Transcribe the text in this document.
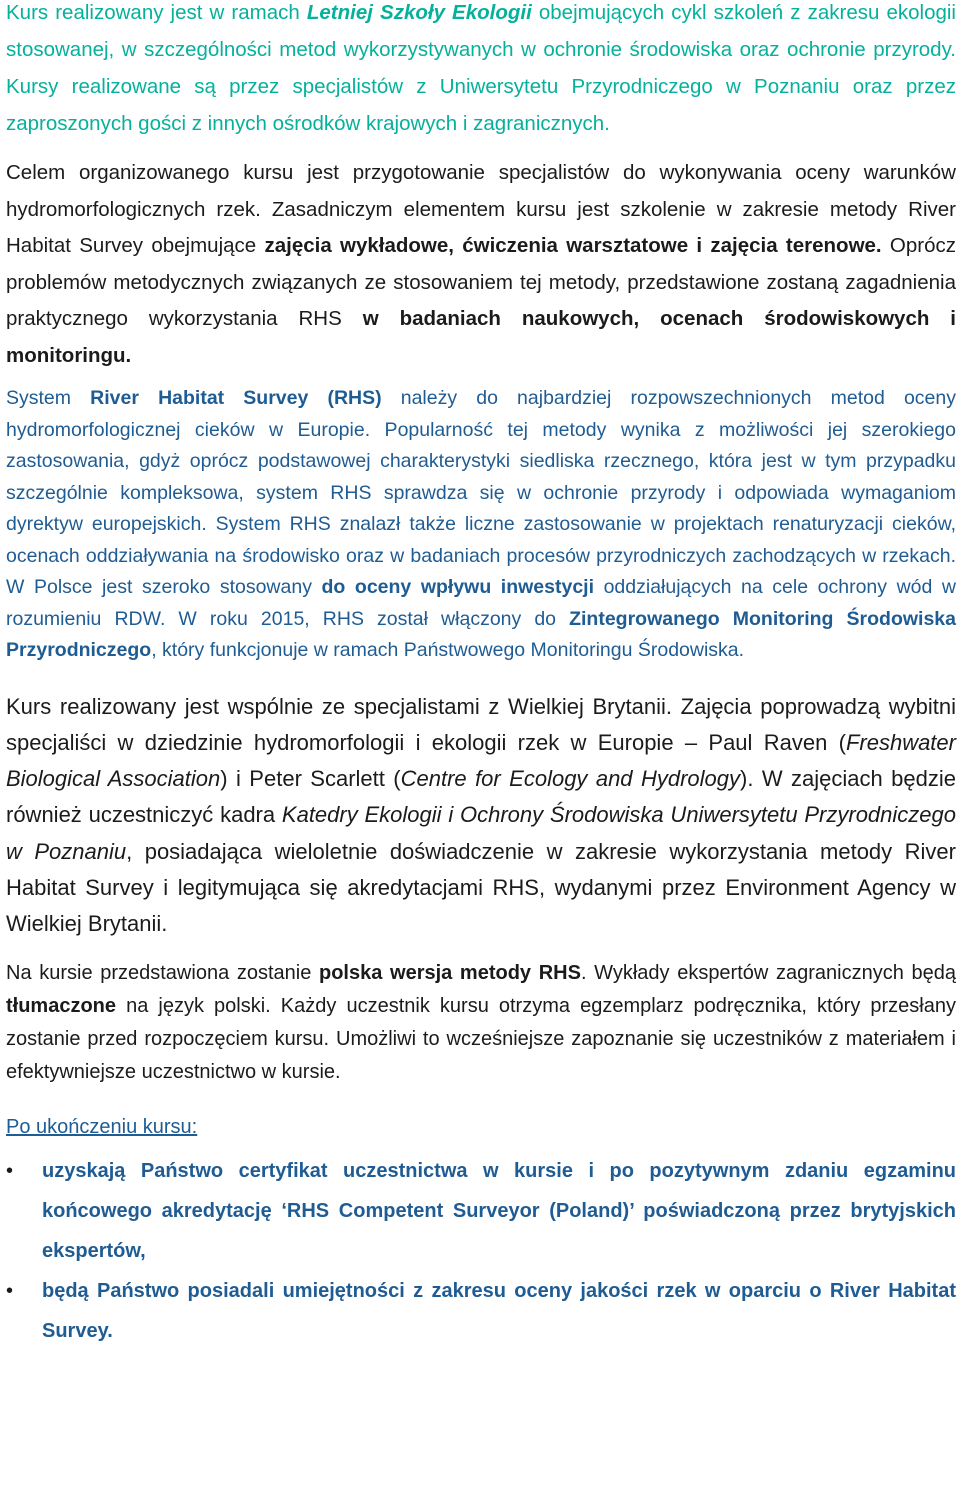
Kurs realizowany jest w ramach Letniej Szkoły Ekologii obejmujących cykl szkoleń z zakresu ekologii stosowanej, w szczególności metod wykorzystywanych w ochronie środowiska oraz ochronie przyrody. Kursy realizowane są przez specjalistów z Uniwersytetu Przyrodniczego w Poznaniu oraz przez zaproszonych gości z innych ośrodków krajowych i zagranicznych.

Celem organizowanego kursu jest przygotowanie specjalistów do wykonywania oceny warunków hydromorfologicznych rzek. Zasadniczym elementem kursu jest szkolenie w zakresie metody River Habitat Survey obejmujące zajęcia wykładowe, ćwiczenia warsztatowe i zajęcia terenowe. Oprócz problemów metodycznych związanych ze stosowaniem tej metody, przedstawione zostaną zagadnienia praktycznego wykorzystania RHS w badaniach naukowych, ocenach środowiskowych i monitoringu.

System River Habitat Survey (RHS) należy do najbardziej rozpowszechnionych metod oceny hydromorfologicznej cieków w Europie. Popularność tej metody wynika z możliwości jej szerokiego zastosowania, gdyż oprócz podstawowej charakterystyki siedliska rzecznego, która jest w tym przypadku szczególnie kompleksowa, system RHS sprawdza się w ochronie przyrody i odpowiada wymaganiom dyrektyw europejskich. System RHS znalazł także liczne zastosowanie w projektach renaturyzacji cieków, ocenach oddziaływania na środowisko oraz w badaniach procesów przyrodniczych zachodzących w rzekach. W Polsce jest szeroko stosowany do oceny wpływu inwestycji oddziałujących na cele ochrony wód w rozumieniu RDW. W roku 2015, RHS został włączony do Zintegrowanego Monitoring Środowiska Przyrodniczego, który funkcjonuje w ramach Państwowego Monitoringu Środowiska.

Kurs realizowany jest wspólnie ze specjalistami z Wielkiej Brytanii. Zajęcia poprowadzą wybitni specjaliści w dziedzinie hydromorfologii i ekologii rzek w Europie – Paul Raven (Freshwater Biological Association) i Peter Scarlett (Centre for Ecology and Hydrology). W zajęciach będzie również uczestniczyć kadra Katedry Ekologii i Ochrony Środowiska Uniwersytetu Przyrodniczego w Poznaniu, posiadająca wieloletnie doświadczenie w zakresie wykorzystania metody River Habitat Survey i legitymująca się akredytacjami RHS, wydanymi przez Environment Agency w Wielkiej Brytanii.

Na kursie przedstawiona zostanie polska wersja metody RHS. Wykłady ekspertów zagranicznych będą tłumaczone na język polski. Każdy uczestnik kursu otrzyma egzemplarz podręcznika, który przesłany zostanie przed rozpoczęciem kursu. Umożliwi to wcześniejsze zapoznanie się uczestników z materiałem i efektywniejsze uczestnictwo w kursie.

Po ukończeniu kursu:

• uzyskają Państwo certyfikat uczestnictwa w kursie i po pozytywnym zdaniu egzaminu końcowego akredytację ‘RHS Competent Surveyor (Poland)’ poświadczoną przez brytyjskich ekspertów,
• będą Państwo posiadali umiejętności z zakresu oceny jakości rzek w oparciu o River Habitat Survey.
